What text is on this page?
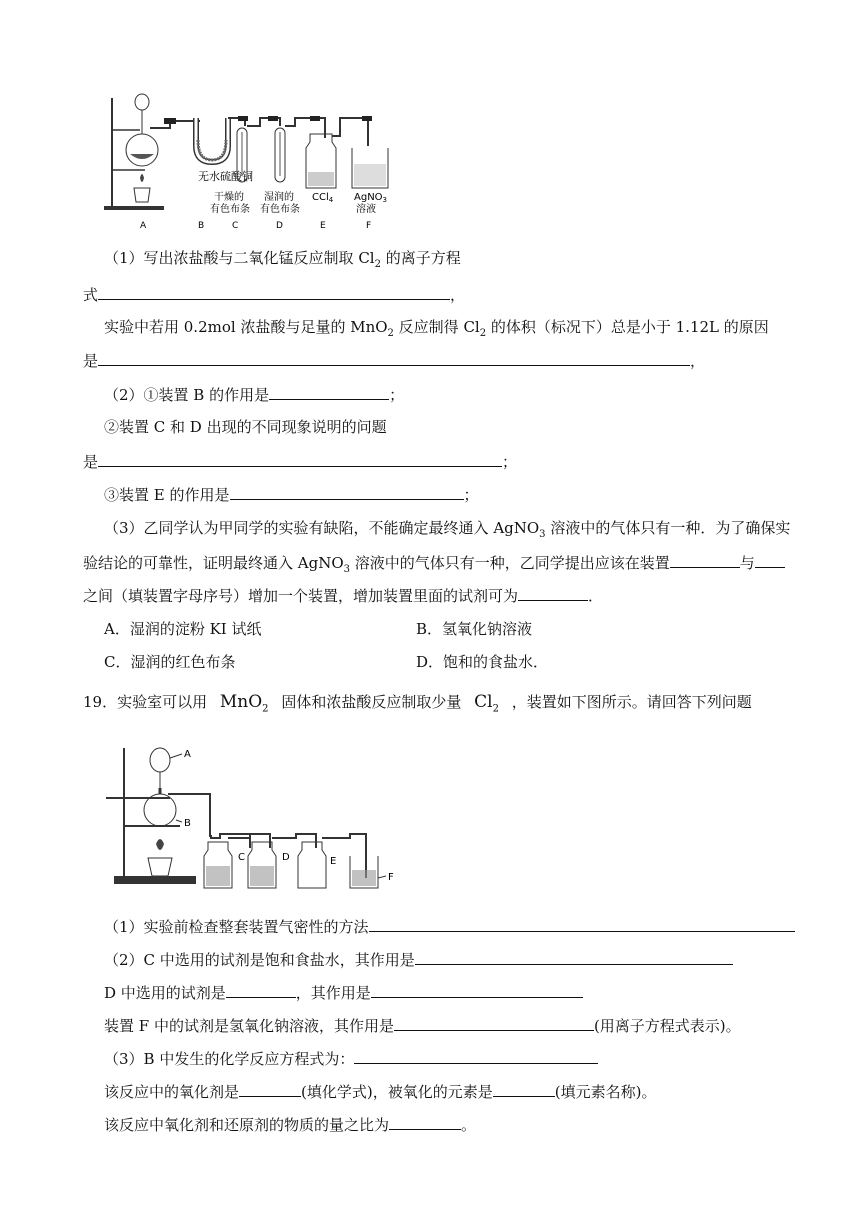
无水硫酸铜
干燥的
有色布条
湿润的
有色布条
CCl$_4$ AgNO$_3$
溶液
A	B	C	D	E	F
（1）写出浓盐酸与二氧化锰反应制取 $Cl_2$ 的离子方程
式	，
实验中若用 0.2mol 浓盐酸与足量的 MnO$_2$ 反应制得 $Cl_2$ 的体积（标况下）总是小于 1.12L 的原因
是	，
（2）①装置 B 的作用是	；
②装置 C 和 D 出现的不同现象说明的问题
是	；
③装置 E 的作用是	；
（3）乙同学认为甲同学的实验有缺陷，不能确定最终通入 AgNO$_3$ 溶液中的气体只有一种．为了确保实
验结论的可靠性，证明最终通入 AgNO$_3$ 溶液中的气体只有一种，乙同学提出应该在装置	与
之间（填装置字母序号）增加一个装置，增加装置里面的试剂可为	．
A．湿润的淀粉 KI 试纸	B．氢氧化钠溶液
C．湿润的红色布条	D．饱和的食盐水．
19．实验室可以用 MnO$_2$ 固体和浓盐酸反应制取少量 $Cl_2$ ，装置如下图所示。请回答下列问题
A
B
C	D	E
F
（1）实验前检查整套装置气密性的方法
（2）C 中选用的试剂是饱和食盐水，其作用是
D 中选用的试剂是	，其作用是
装置 F 中的试剂是氢氧化钠溶液，其作用是	(用离子方程式表示)。
（3）B 中发生的化学反应方程式为：
该反应中的氧化剂是	(填化学式)，被氧化的元素是	(填元素名称)。
该反应中氧化剂和还原剂的物质的量之比为	。
